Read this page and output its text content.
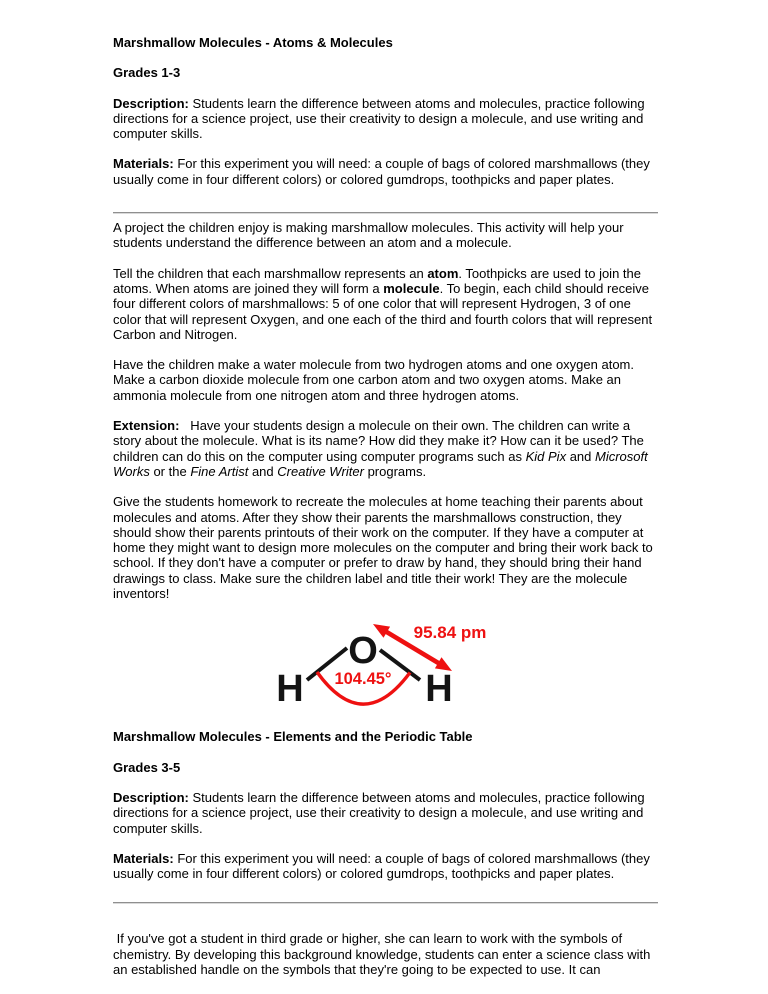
Marshmallow Molecules - Atoms & Molecules
Grades 1-3

Description: Students learn the difference between atoms and molecules, practice following directions for a science project, use their creativity to design a molecule, and use writing and computer skills.

Materials: For this experiment you will need: a couple of bags of colored marshmallows (they usually come in four different colors) or colored gumdrops, toothpicks and paper plates.

A project the children enjoy is making marshmallow molecules. This activity will help your students understand the difference between an atom and a molecule.

Tell the children that each marshmallow represents an atom. Toothpicks are used to join the atoms. When atoms are joined they will form a molecule. To begin, each child should receive four different colors of marshmallows: 5 of one color that will represent Hydrogen, 3 of one color that will represent Oxygen, and one each of the third and fourth colors that will represent Carbon and Nitrogen.

Have the children make a water molecule from two hydrogen atoms and one oxygen atom. Make a carbon dioxide molecule from one carbon atom and two oxygen atoms. Make an ammonia molecule from one nitrogen atom and three hydrogen atoms.

Extension:   Have your students design a molecule on their own. The children can write a story about the molecule. What is its name? How did they make it? How can it be used? The children can do this on the computer using computer programs such as Kid Pix and Microsoft Works or the Fine Artist and Creative Writer programs.

Give the students homework to recreate the molecules at home teaching their parents about molecules and atoms. After they show their parents the marshmallows construction, they should show their parents printouts of their work on the computer. If they have a computer at home they might want to design more molecules on the computer and bring their work back to school. If they don't have a computer or prefer to draw by hand, they should bring their hand drawings to class. Make sure the children label and title their work! They are the molecule inventors!

O
H	H
95.84 pm
104.45°
Marshmallow Molecules - Elements and the Periodic Table
Grades 3-5

Description: Students learn the difference between atoms and molecules, practice following directions for a science project, use their creativity to design a molecule, and use writing and computer skills.

Materials: For this experiment you will need: a couple of bags of colored marshmallows (they usually come in four different colors) or colored gumdrops, toothpicks and paper plates.

If you've got a student in third grade or higher, she can learn to work with the symbols of chemistry. By developing this background knowledge, students can enter a science class with an established handle on the symbols that they're going to be expected to use. It can
